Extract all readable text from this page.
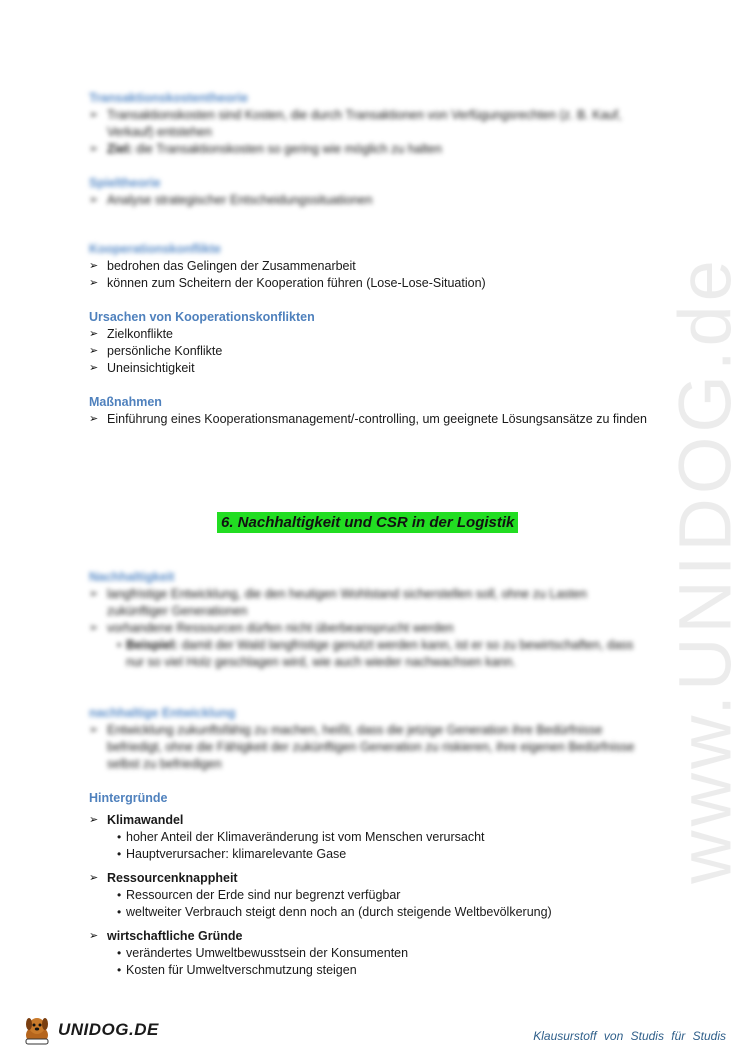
www.UNIDOG.de
Transaktionskostentheorie
➢ Transaktionskosten sind Kosten, die durch Transaktionen von Verfügungsrechten (z. B. Kauf,
Verkauf) entstehen
➢ Ziel: die Transaktionskosten so gering wie möglich zu halten
Spieltheorie
➢ Analyse strategischer Entscheidungssituationen
Kooperationskonflikte
➢ bedrohen das Gelingen der Zusammenarbeit
➢ können zum Scheitern der Kooperation führen (Lose-Lose-Situation)
Ursachen von Kooperationskonflikten
➢ Zielkonflikte
➢ persönliche Konflikte
➢ Uneinsichtigkeit
Maßnahmen
➢ Einführung eines Kooperationsmanagement/-controlling, um geeignete Lösungsansätze zu finden
6. Nachhaltigkeit und CSR in der Logistik
Nachhaltigkeit
➢ langfristige Entwicklung, die den heutigen Wohlstand sicherstellen soll, ohne zu Lasten
zukünftiger Generationen
➢ vorhandene Ressourcen dürfen nicht überbeansprucht werden
• Beispiel: damit der Wald langfristige genutzt werden kann, ist er so zu bewirtschaften, dass
nur so viel Holz geschlagen wird, wie auch wieder nachwachsen kann.
nachhaltige Entwicklung
➢ Entwicklung zukunftsfähig zu machen, heißt, dass die jetzige Generation ihre Bedürfnisse
befriedigt, ohne die Fähigkeit der zukünftigen Generation zu riskieren, ihre eigenen Bedürfnisse
selbst zu befriedigen
Hintergründe
➢ Klimawandel
• hoher Anteil der Klimaveränderung ist vom Menschen verursacht
• Hauptverursacher: klimarelevante Gase
➢ Ressourcenknappheit
• Ressourcen der Erde sind nur begrenzt verfügbar
• weltweiter Verbrauch steigt denn noch an (durch steigende Weltbevölkerung)
➢ wirtschaftliche Gründe
• verändertes Umweltbewusstsein der Konsumenten
• Kosten für Umweltverschmutzung steigen
UNIDOG.DE	Klausurstoff von Studis für Studis
